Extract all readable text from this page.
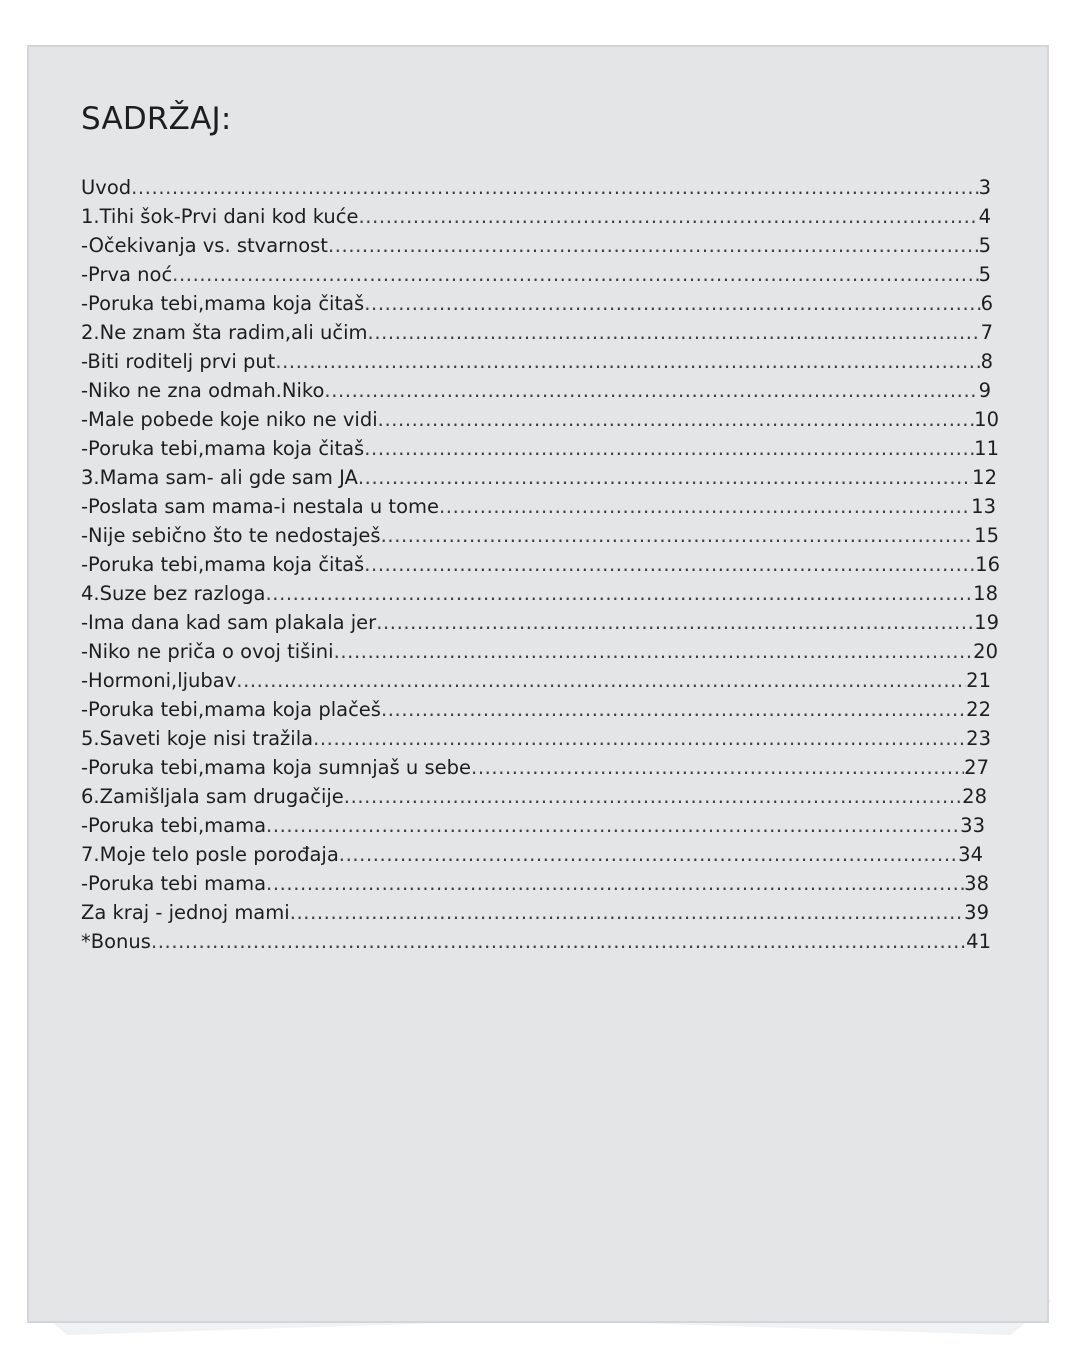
SADRŽAJ:
Uvod .....	3
1.Tihi šok-Prvi dani kod kuće .....	4
-Očekivanja vs. stvarnost .....	5
-Prva noć .....	5
-Poruka tebi,mama koja čitaš .....	6
2.Ne znam šta radim,ali učim .....	7
-Biti roditelj prvi put .....	8
-Niko ne zna odmah.Niko .....	9
-Male pobede koje niko ne vidi .....	10
-Poruka tebi,mama koja čitaš .....	11
3.Mama sam- ali gde sam JA .....	12
-Poslata sam mama-i nestala u tome .....	13
-Nije sebično što te nedostaješ .....	15
-Poruka tebi,mama koja čitaš .....	16
4.Suze bez razloga .....	18
-Ima dana kad sam plakala jer .....	19
-Niko ne priča o ovoj tišini .....	20
-Hormoni,ljubav .....	21
-Poruka tebi,mama koja plačeš .....	22
5.Saveti koje nisi tražila .....	23
-Poruka tebi,mama koja sumnjaš u sebe .....	27
6.Zamišljala sam drugačije .....	28
-Poruka tebi,mama .....	33
7.Moje telo posle porođaja .....	34
-Poruka tebi mama .....	38
Za kraj - jednoj mami .....	39
*Bonus .....	41
